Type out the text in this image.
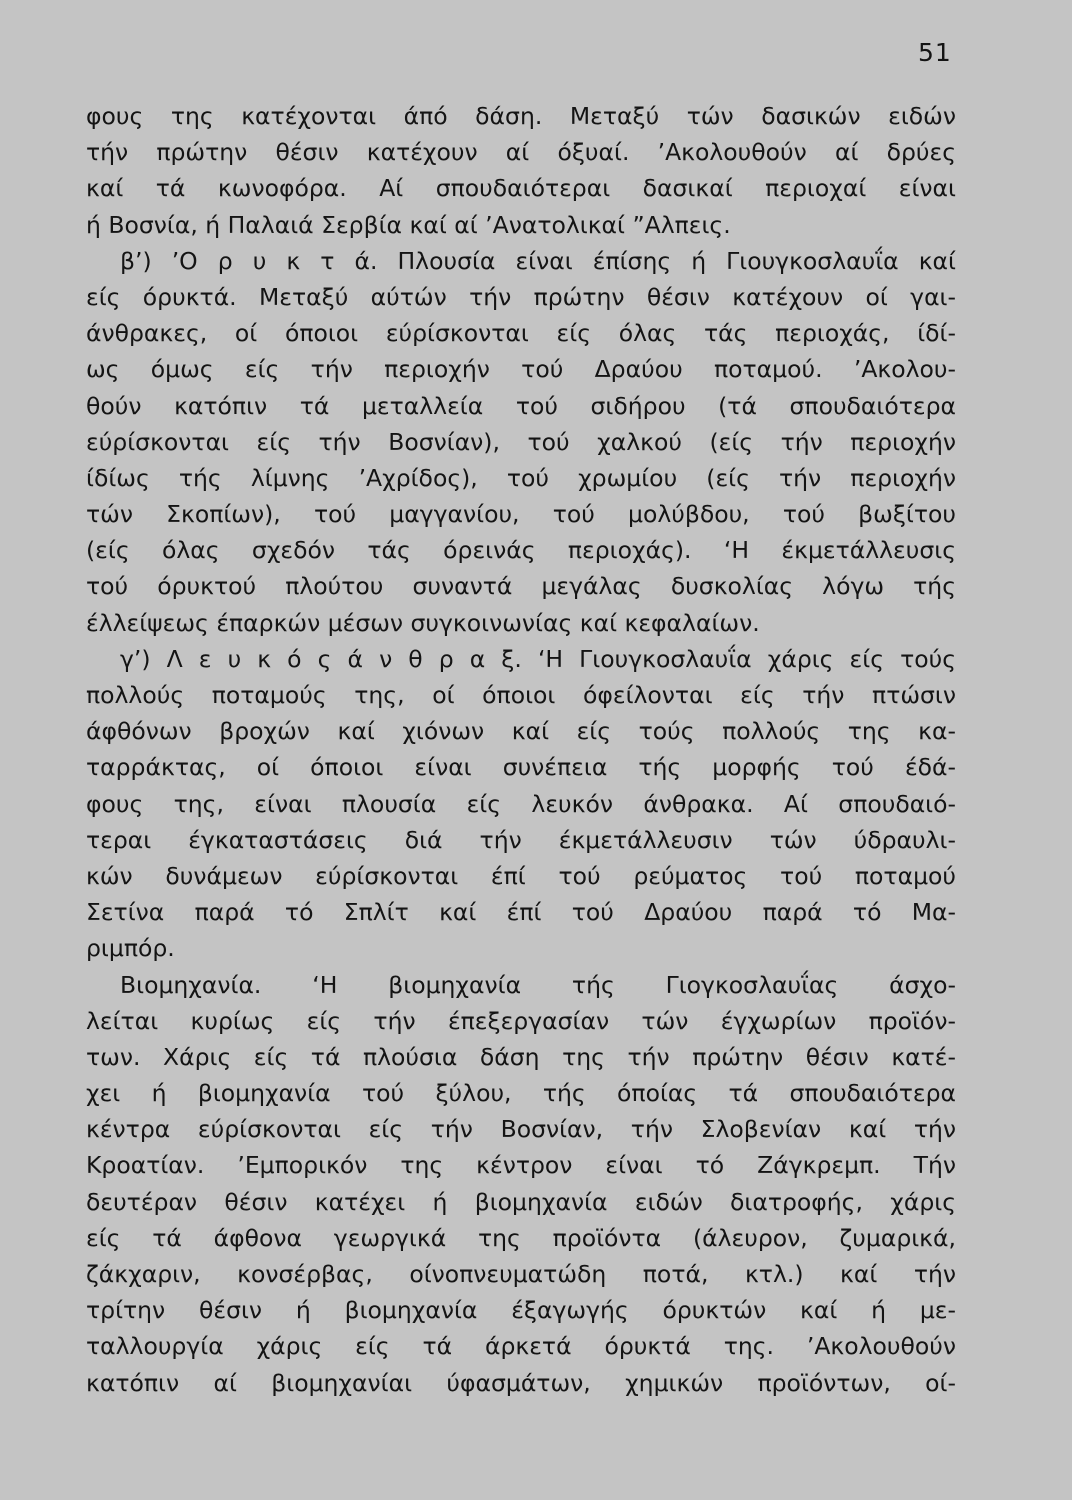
51
φους της κατέχονται άπό δάση. Μεταξύ τών δασικών ειδών
τήν πρώτην θέσιν κατέχουν αί όξυαί. ’Ακολουθούν αί δρύες
καί τά κωνοφόρα. Αί σπουδαιότεραι δασικαί περιοχαί είναι
ή Βοσνία, ή Παλαιά Σερβία καί αί ’Ανατολικαί ”Αλπεις.
β’) ’Ο ρ υ κ τ ά. Πλουσία είναι έπίσης ή Γιουγκοσλαυΐα καί
είς όρυκτά. Μεταξύ αύτών τήν πρώτην θέσιν κατέχουν οί γαι-
άνθρακες, οί όποιοι εύρίσκονται είς όλας τάς περιοχάς, ίδί-
ως όμως είς τήν περιοχήν τού Δραύου ποταμού. ’Ακολου-
θούν κατόπιν τά μεταλλεία τού σιδήρου (τά σπουδαιότερα
εύρίσκονται είς τήν Βοσνίαν), τού χαλκού (είς τήν περιοχήν
ίδίως τής λίμνης ’Αχρίδος), τού χρωμίου (είς τήν περιοχήν
τών Σκοπίων), τού μαγγανίου, τού μολύβδου, τού βωξίτου
(είς όλας σχεδόν τάς όρεινάς περιοχάς). ‘Η έκμετάλλευσις
τού όρυκτού πλούτου συναντά μεγάλας δυσκολίας λόγω τής
έλλείψεως έπαρκών μέσων συγκοινωνίας καί κεφαλαίων.
γ’) Λ ε υ κ ό ς ά ν θ ρ α ξ. ‘Η Γιουγκοσλαυΐα χάρις είς τούς
πολλούς ποταμούς της, οί όποιοι όφείλονται είς τήν πτώσιν
άφθόνων βροχών καί χιόνων καί είς τούς πολλούς της κα-
ταρράκτας, οί όποιοι είναι συνέπεια τής μορφής τού έδά-
φους της, είναι πλουσία είς λευκόν άνθρακα. Αί σπουδαιό-
τεραι έγκαταστάσεις διά τήν έκμετάλλευσιν τών ύδραυλι-
κών δυνάμεων εύρίσκονται έπί τού ρεύματος τού ποταμού
Σετίνα παρά τό Σπλίτ καί έπί τού Δραύου παρά τό Μα-
ριμπόρ.
Βιομηχανία. ‘Η βιομηχανία τής Γιογκοσλαυΐας άσχο-
λείται κυρίως είς τήν έπεξεργασίαν τών έγχωρίων προϊόν-
των. Χάρις είς τά πλούσια δάση της τήν πρώτην θέσιν κατέ-
χει ή βιομηχανία τού ξύλου, τής όποίας τά σπουδαιότερα
κέντρα εύρίσκονται είς τήν Βοσνίαν, τήν Σλοβενίαν καί τήν
Κροατίαν. ’Εμπορικόν της κέντρον είναι τό Ζάγκρεμπ. Τήν
δευτέραν θέσιν κατέχει ή βιομηχανία ειδών διατροφής, χάρις
είς τά άφθονα γεωργικά της προϊόντα (άλευρον, ζυμαρικά,
ζάκχαριν, κονσέρβας, οίνοπνευματώδη ποτά, κτλ.) καί τήν
τρίτην θέσιν ή βιομηχανία έξαγωγής όρυκτών καί ή με-
ταλλουργία χάρις είς τά άρκετά όρυκτά της. ’Ακολουθούν
κατόπιν αί βιομηχανίαι ύφασμάτων, χημικών προϊόντων, οί-
